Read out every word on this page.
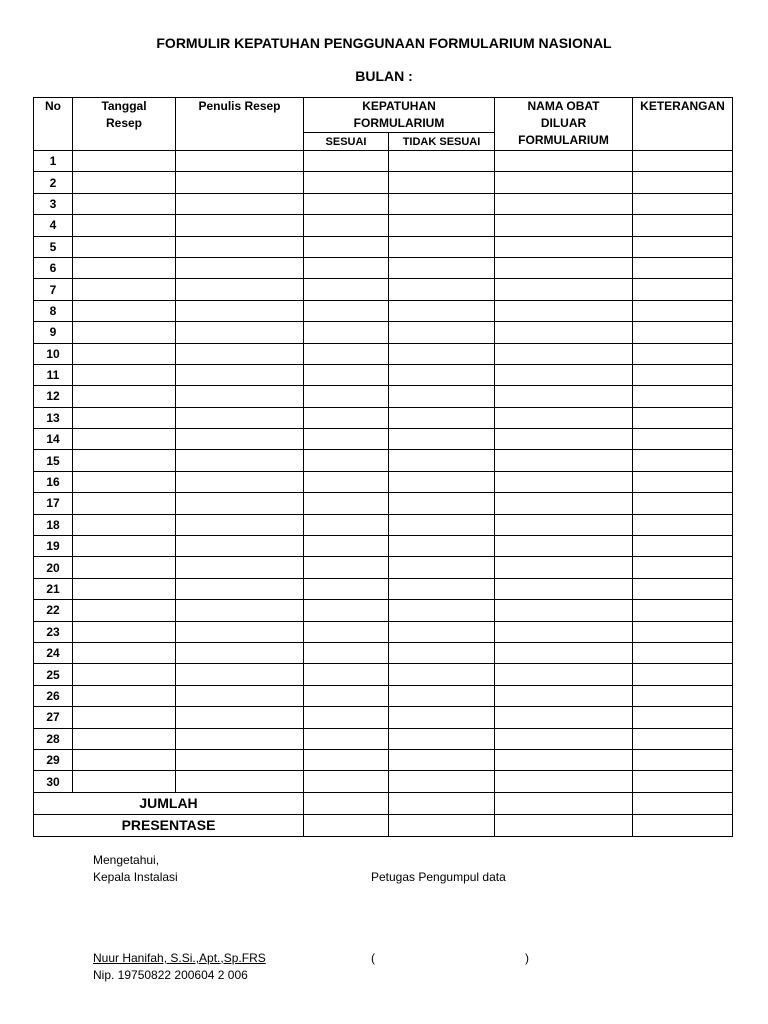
FORMULIR KEPATUHAN PENGGUNAAN FORMULARIUM NASIONAL
BULAN :
No	Tanggal Resep	Penulis Resep	KEPATUHAN FORMULARIUM		NAMA OBAT DILUAR FORMULARIUM	KETERANGAN
			SESUAI	TIDAK SESUAI		
1						
2						
3						
4						
5						
6						
7						
8						
9						
10						
11						
12						
13						
14						
15						
16						
17						
18						
19						
20						
21						
22						
23						
24						
25						
26						
27						
28						
29						
30						
JUMLAH						
PRESENTASE						
Mengetahui,
Kepala Instalasi	Petugas Pengumpul data
Nuur Hanifah, S.Si.,Apt.,Sp.FRS
Nip. 19750822 200604 2 006
(	)
